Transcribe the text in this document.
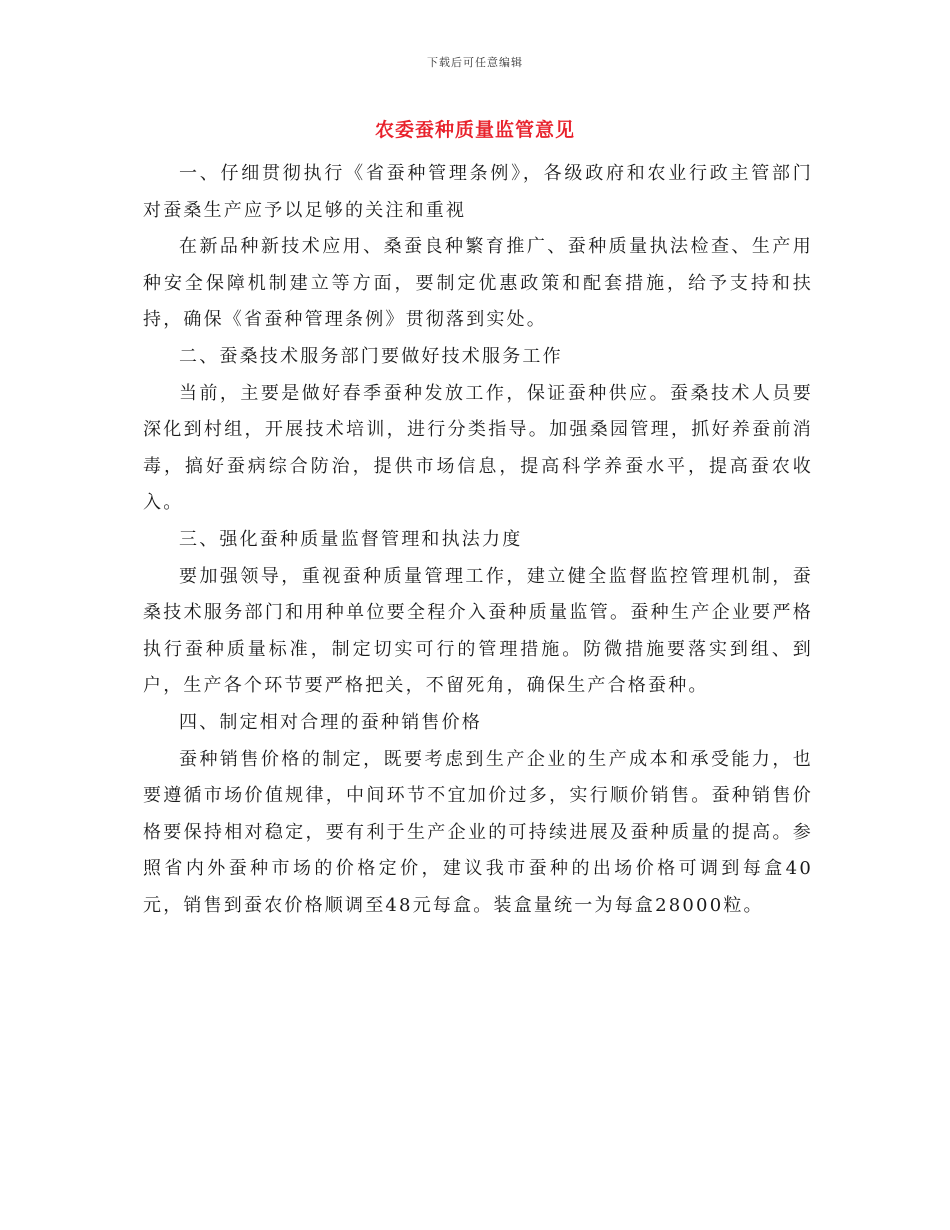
下载后可任意编辑
农委蚕种质量监管意见

一、仔细贯彻执行《省蚕种管理条例》，各级政府和农业行政主管部门对蚕桑生产应予以足够的关注和重视

在新品种新技术应用、桑蚕良种繁育推广、蚕种质量执法检查、生产用种安全保障机制建立等方面，要制定优惠政策和配套措施，给予支持和扶持，确保《省蚕种管理条例》贯彻落到实处。

二、蚕桑技术服务部门要做好技术服务工作

当前，主要是做好春季蚕种发放工作，保证蚕种供应。蚕桑技术人员要深化到村组，开展技术培训，进行分类指导。加强桑园管理，抓好养蚕前消毒，搞好蚕病综合防治，提供市场信息，提高科学养蚕水平，提高蚕农收入。

三、强化蚕种质量监督管理和执法力度

要加强领导，重视蚕种质量管理工作，建立健全监督监控管理机制，蚕桑技术服务部门和用种单位要全程介入蚕种质量监管。蚕种生产企业要严格执行蚕种质量标准，制定切实可行的管理措施。防微措施要落实到组、到户，生产各个环节要严格把关，不留死角，确保生产合格蚕种。

四、制定相对合理的蚕种销售价格

蚕种销售价格的制定，既要考虑到生产企业的生产成本和承受能力，也要遵循市场价值规律，中间环节不宜加价过多，实行顺价销售。蚕种销售价格要保持相对稳定，要有利于生产企业的可持续进展及蚕种质量的提高。参照省内外蚕种市场的价格定价，建议我市蚕种的出场价格可调到每盒40元，销售到蚕农价格顺调至48元每盒。装盒量统一为每盒28000粒。
